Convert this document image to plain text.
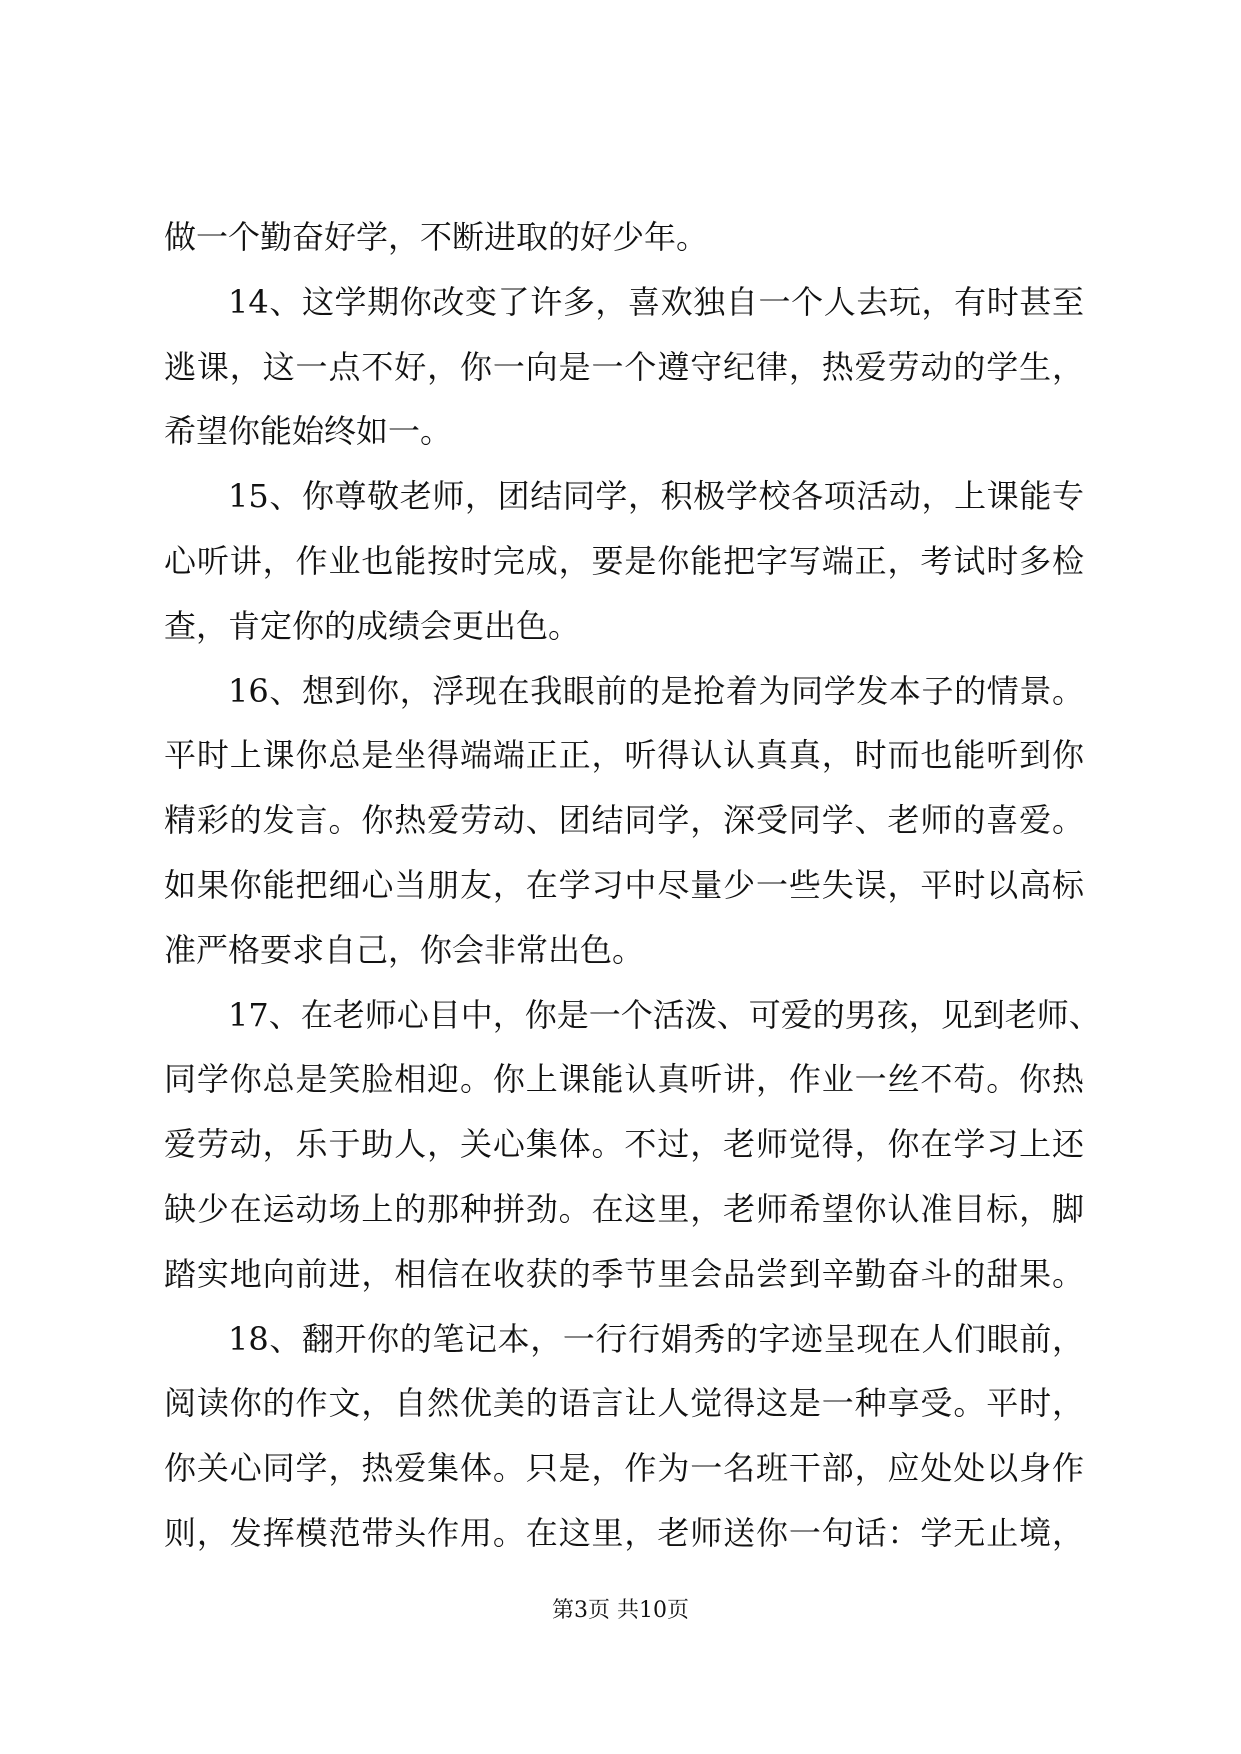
做一个勤奋好学，不断进取的好少年。
14、这学期你改变了许多，喜欢独自一个人去玩，有时甚至
逃课，这一点不好，你一向是一个遵守纪律，热爱劳动的学生，
希望你能始终如一。
15、你尊敬老师，团结同学，积极学校各项活动，上课能专
心听讲，作业也能按时完成，要是你能把字写端正，考试时多检
查，肯定你的成绩会更出色。
16、想到你，浮现在我眼前的是抢着为同学发本子的情景。
平时上课你总是坐得端端正正，听得认认真真，时而也能听到你
精彩的发言。你热爱劳动、团结同学，深受同学、老师的喜爱。
如果你能把细心当朋友，在学习中尽量少一些失误，平时以高标
准严格要求自己，你会非常出色。
17、在老师心目中，你是一个活泼、可爱的男孩，见到老师、
同学你总是笑脸相迎。你上课能认真听讲，作业一丝不苟。你热
爱劳动，乐于助人，关心集体。不过，老师觉得，你在学习上还
缺少在运动场上的那种拼劲。在这里，老师希望你认准目标，脚
踏实地向前进，相信在收获的季节里会品尝到辛勤奋斗的甜果。
18、翻开你的笔记本，一行行娟秀的字迹呈现在人们眼前，
阅读你的作文，自然优美的语言让人觉得这是一种享受。平时，
你关心同学，热爱集体。只是，作为一名班干部，应处处以身作
则，发挥模范带头作用。在这里，老师送你一句话：学无止境，
第3页 共10页
